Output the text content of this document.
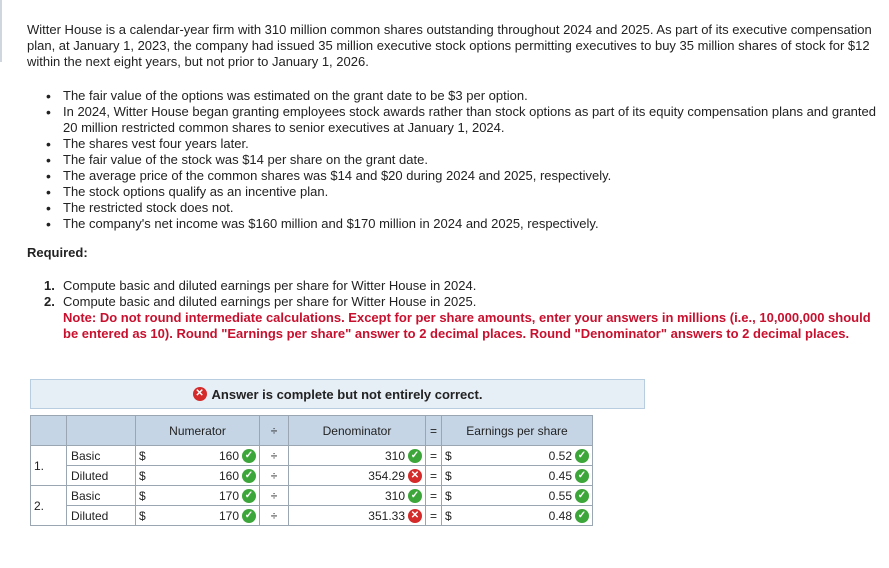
Witter House is a calendar-year firm with 310 million common shares outstanding throughout 2024 and 2025. As part of its executive compensation plan, at January 1, 2023, the company had issued 35 million executive stock options permitting executives to buy 35 million shares of stock for $12 within the next eight years, but not prior to January 1, 2026.

• The fair value of the options was estimated on the grant date to be $3 per option.
• In 2024, Witter House began granting employees stock awards rather than stock options as part of its equity compensation plans and granted 20 million restricted common shares to senior executives at January 1, 2024.
• The shares vest four years later.
• The fair value of the stock was $14 per share on the grant date.
• The average price of the common shares was $14 and $20 during 2024 and 2025, respectively.
• The stock options qualify as an incentive plan.
• The restricted stock does not.
• The company's net income was $160 million and $170 million in 2024 and 2025, respectively.

Required:

1. Compute basic and diluted earnings per share for Witter House in 2024.
2. Compute basic and diluted earnings per share for Witter House in 2025.

Note: Do not round intermediate calculations. Except for per share amounts, enter your answers in millions (i.e., 10,000,000 should be entered as 10). Round "Earnings per share" answer to 2 decimal places. Round "Denominator" answers to 2 decimal places.

✕ Answer is complete but not entirely correct.
		Numerator		÷	Denominator	=	Earnings per share	
1.	Basic	$	160 ✓	÷	310 ✓	=	$	0.52 ✓

	Diluted	$	160 ✓	÷	354.29 ✕	=	$	0.45 ✓

2.	Basic	$	170 ✓	÷	310 ✓	=	$	0.55 ✓

	Diluted	$	170 ✓	÷	351.33 ✕	=	$	0.48 ✓
